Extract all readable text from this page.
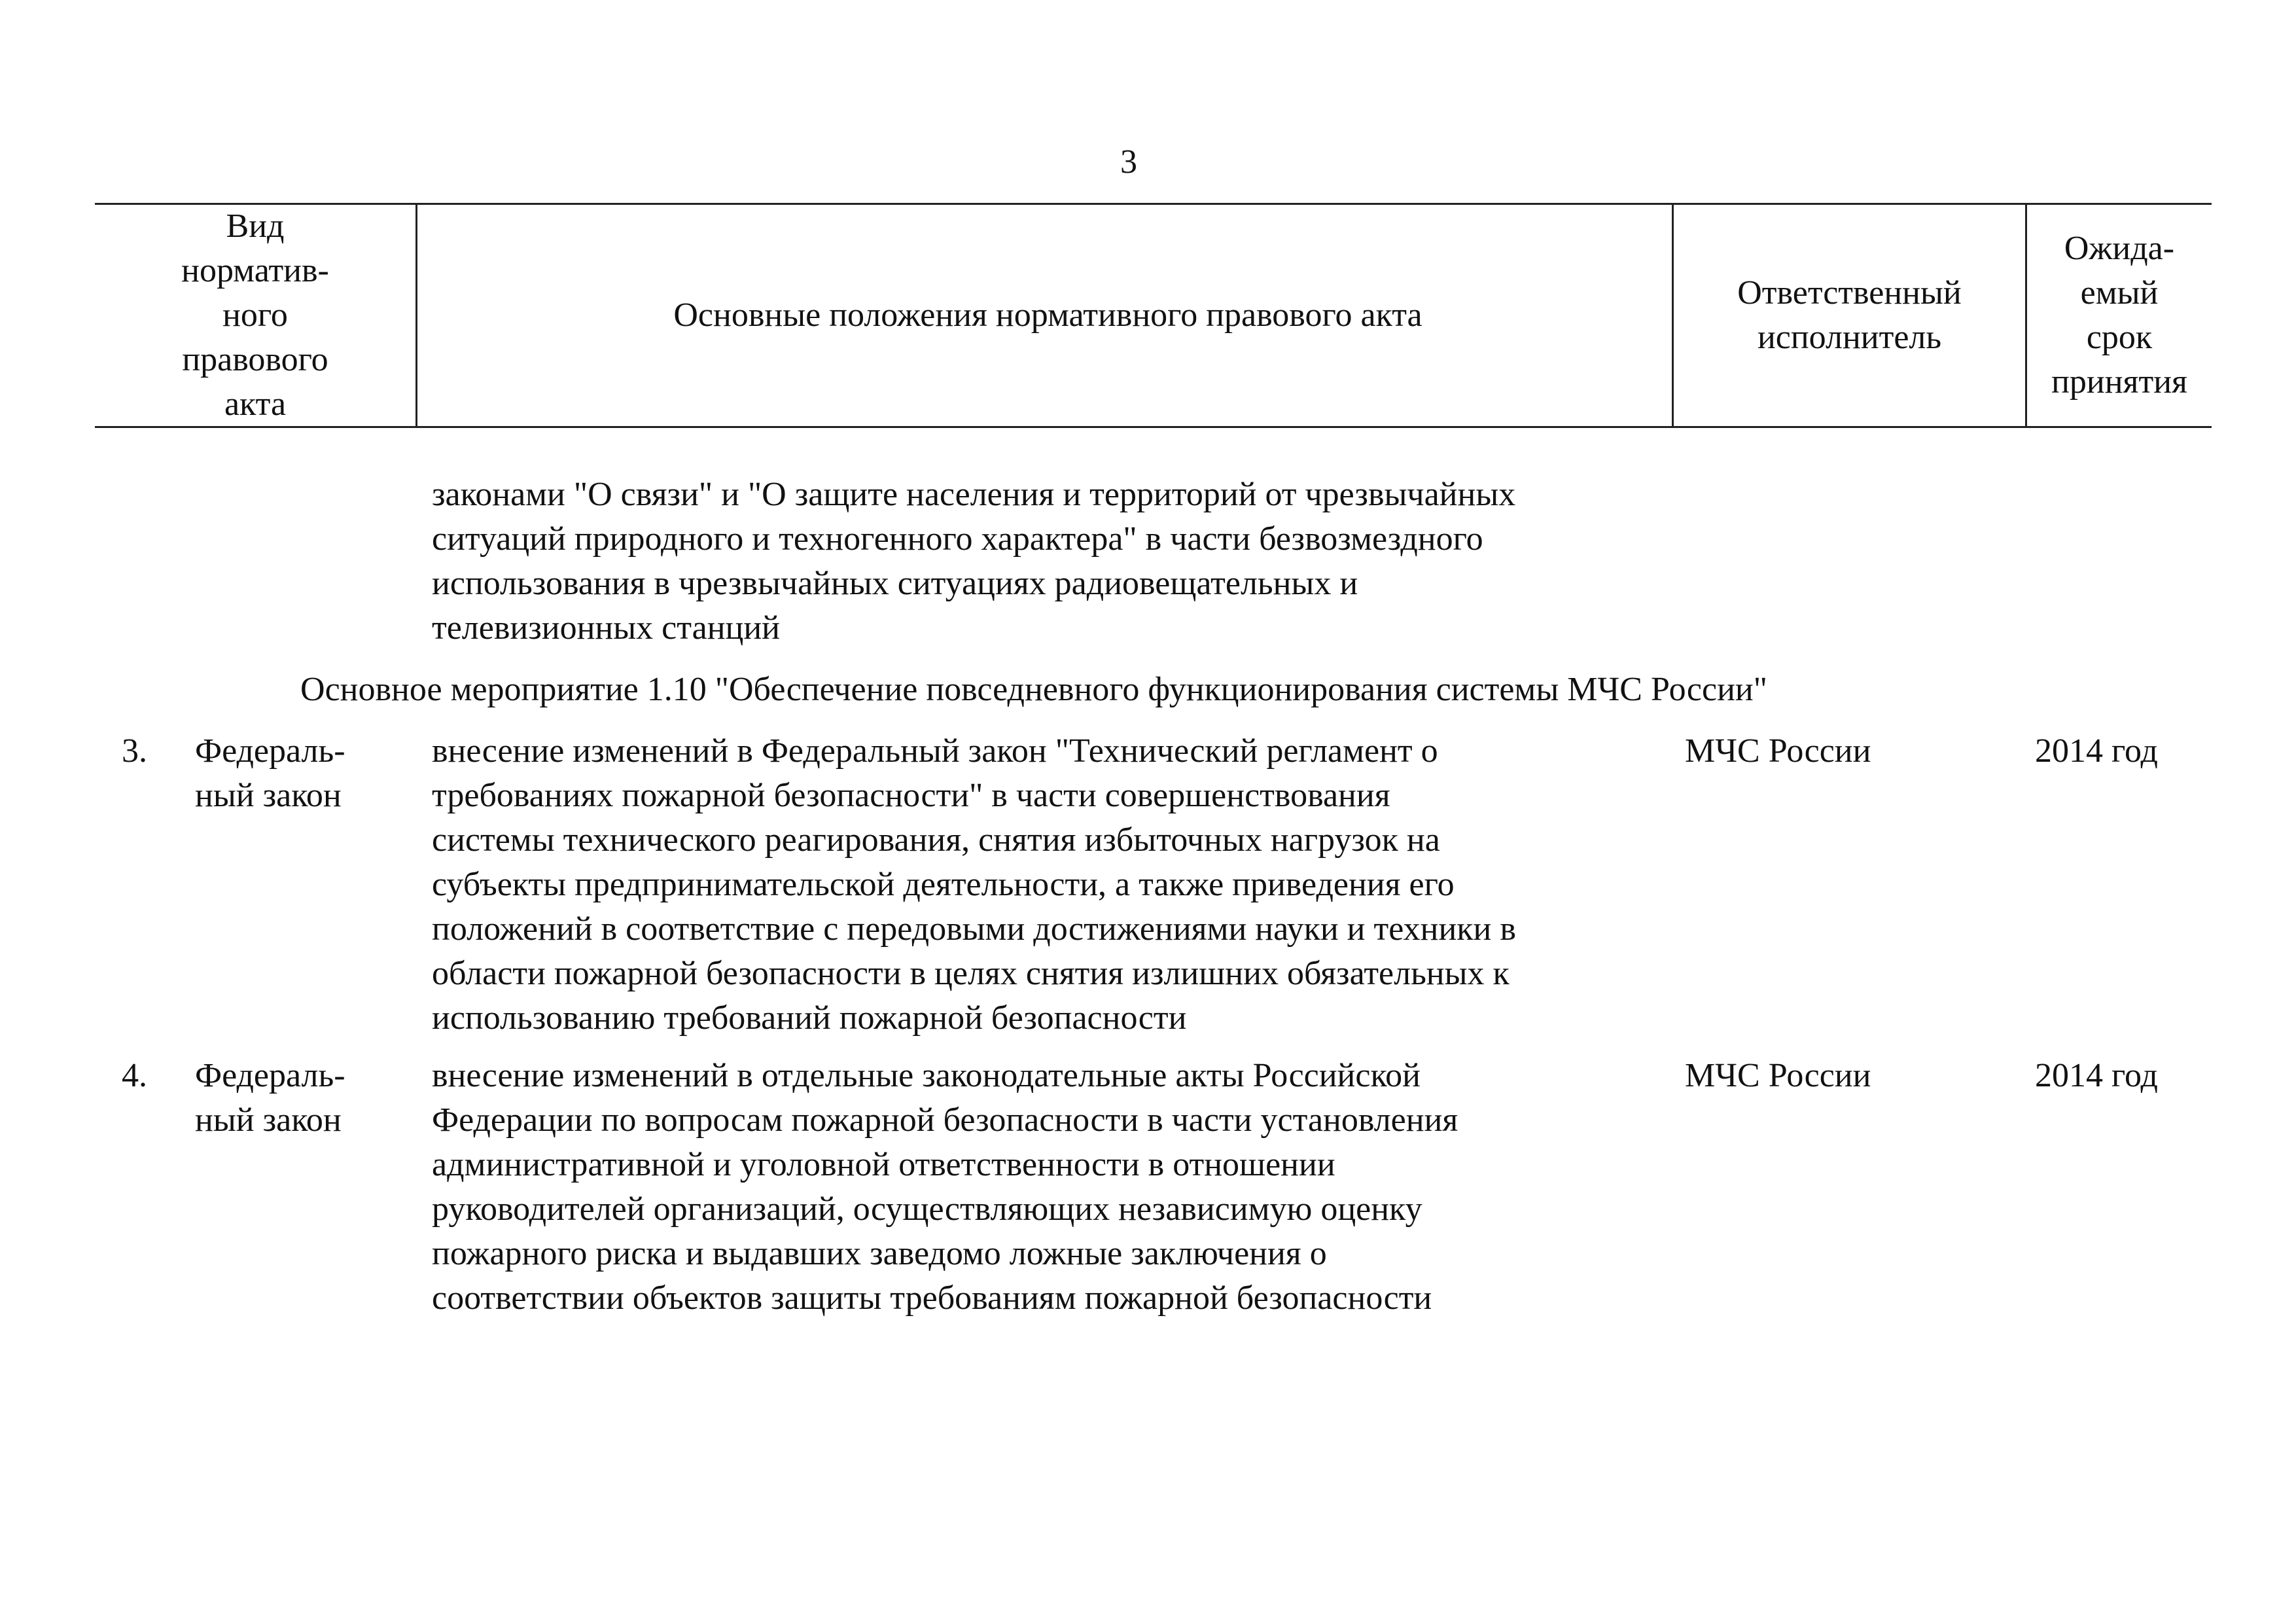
3
Вид
норматив-
ного
правового
акта
Основные положения нормативного правового акта
Ответственный
исполнитель
Ожида-
емый
срок
принятия
законами "О связи" и "О защите населения и территорий от чрезвычайных
ситуаций природного и техногенного характера" в части безвозмездного
использования в чрезвычайных ситуациях радиовещательных и
телевизионных станций
Основное мероприятие 1.10 "Обеспечение повседневного функционирования системы МЧС России"
3. Федераль-
ный закон
внесение изменений в Федеральный закон "Технический регламент о
требованиях пожарной безопасности" в части совершенствования
системы технического реагирования, снятия избыточных нагрузок на
субъекты предпринимательской деятельности, а также приведения его
положений в соответствие с передовыми достижениями науки и техники в
области пожарной безопасности в целях снятия излишних обязательных к
использованию требований пожарной безопасности
МЧС России	2014 год
4. Федераль-
ный закон
внесение изменений в отдельные законодательные акты Российской
Федерации по вопросам пожарной безопасности в части установления
административной и уголовной ответственности в отношении
руководителей организаций, осуществляющих независимую оценку
пожарного риска и выдавших заведомо ложные заключения о
соответствии объектов защиты требованиям пожарной безопасности
МЧС России	2014 год
